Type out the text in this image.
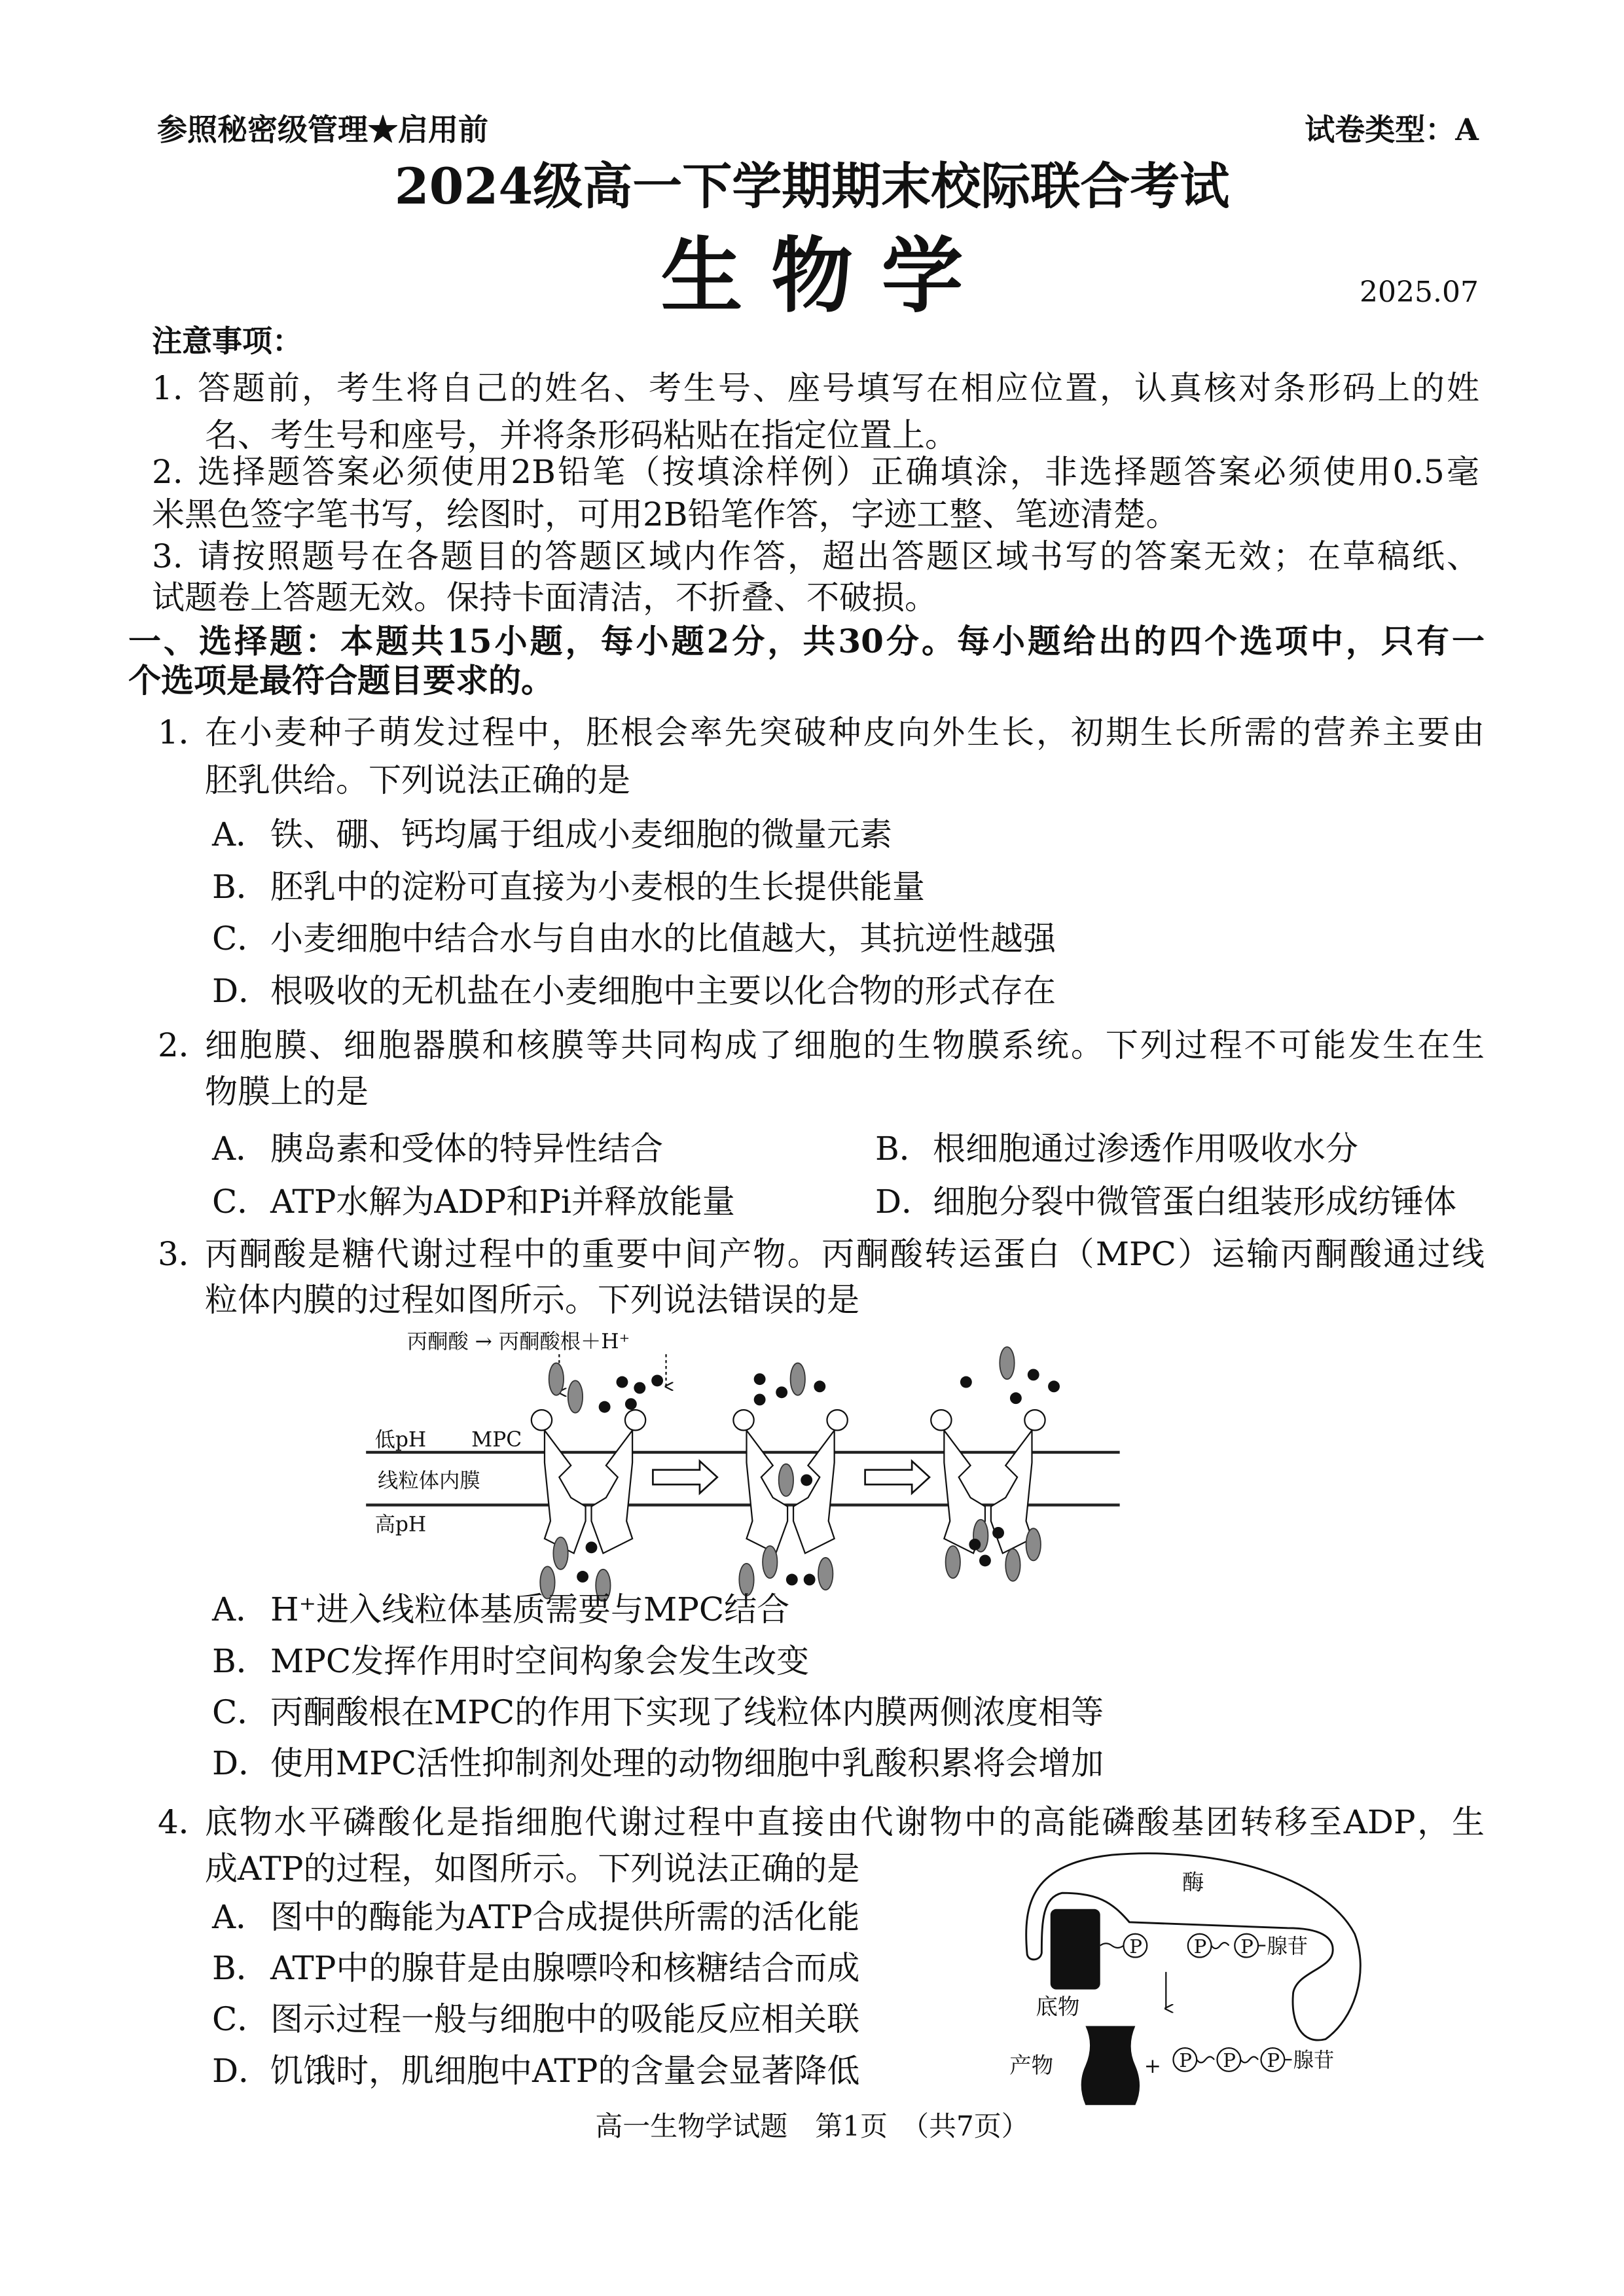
参照秘密级管理★启用前	试卷类型：A
2024级高一下学期期末校际联合考试
生 物 学	2025.07
注意事项：
1. 答题前，考生将自己的姓名、考生号、座号填写在相应位置，认真核对条形码上的姓
名、考生号和座号，并将条形码粘贴在指定位置上。
2. 选择题答案必须使用2B铅笔（按填涂样例）正确填涂，非选择题答案必须使用0.5毫
米黑色签字笔书写，绘图时，可用2B铅笔作答，字迹工整、笔迹清楚。
3. 请按照题号在各题目的答题区域内作答，超出答题区域书写的答案无效；在草稿纸、
试题卷上答题无效。保持卡面清洁，不折叠、不破损。
一、选择题：本题共15小题，每小题2分，共30分。每小题给出的四个选项中，只有一
个选项是最符合题目要求的。
1．
在小麦种子萌发过程中，胚根会率先突破种皮向外生长，初期生长所需的营养主要由
胚乳供给。下列说法正确的是
A． 铁、硼、钙均属于组成小麦细胞的微量元素
B． 胚乳中的淀粉可直接为小麦根的生长提供能量
C． 小麦细胞中结合水与自由水的比值越大，其抗逆性越强
D．
根吸收的无机盐在小麦细胞中主要以化合物的形式存在
2．
细胞膜、细胞器膜和核膜等共同构成了细胞的生物膜系统。下列过程不可能发生在生
物膜上的是
A． 胰岛素和受体的特异性结合	B． 根细胞通过渗透作用吸收水分
C． ATP水解为ADP和Pi并释放能量	D．
细胞分裂中微管蛋白组装形成纺锤体
3．
丙酮酸是糖代谢过程中的重要中间产物。丙酮酸转运蛋白（MPC）运输丙酮酸通过线
粒体内膜的过程如图所示。下列说法错误的是
丙酮酸 → 丙酮酸根＋H⁺
低pH	MPC
线粒体内膜
高pH
A． H⁺进入线粒体基质需要与MPC结合
B． MPC发挥作用时空间构象会发生改变
C． 丙酮酸根在MPC的作用下实现了线粒体内膜两侧浓度相等
D．
使用MPC活性抑制剂处理的动物细胞中乳酸积累将会增加
4．
底物水平磷酸化是指细胞代谢过程中直接由代谢物中的高能磷酸基团转移至ADP，生
成ATP的过程，如图所示。下列说法正确的是
A． 图中的酶能为ATP合成提供所需的活化能
B． ATP中的腺苷是由腺嘌呤和核糖结合而成
C． 图示过程一般与细胞中的吸能反应相关联
D．
饥饿时，肌细胞中ATP的含量会显著降低
酶
P	P	P 腺苷
底物
产物	+ P	P	P 腺苷
高一生物学试题　第1页　（共7页）
